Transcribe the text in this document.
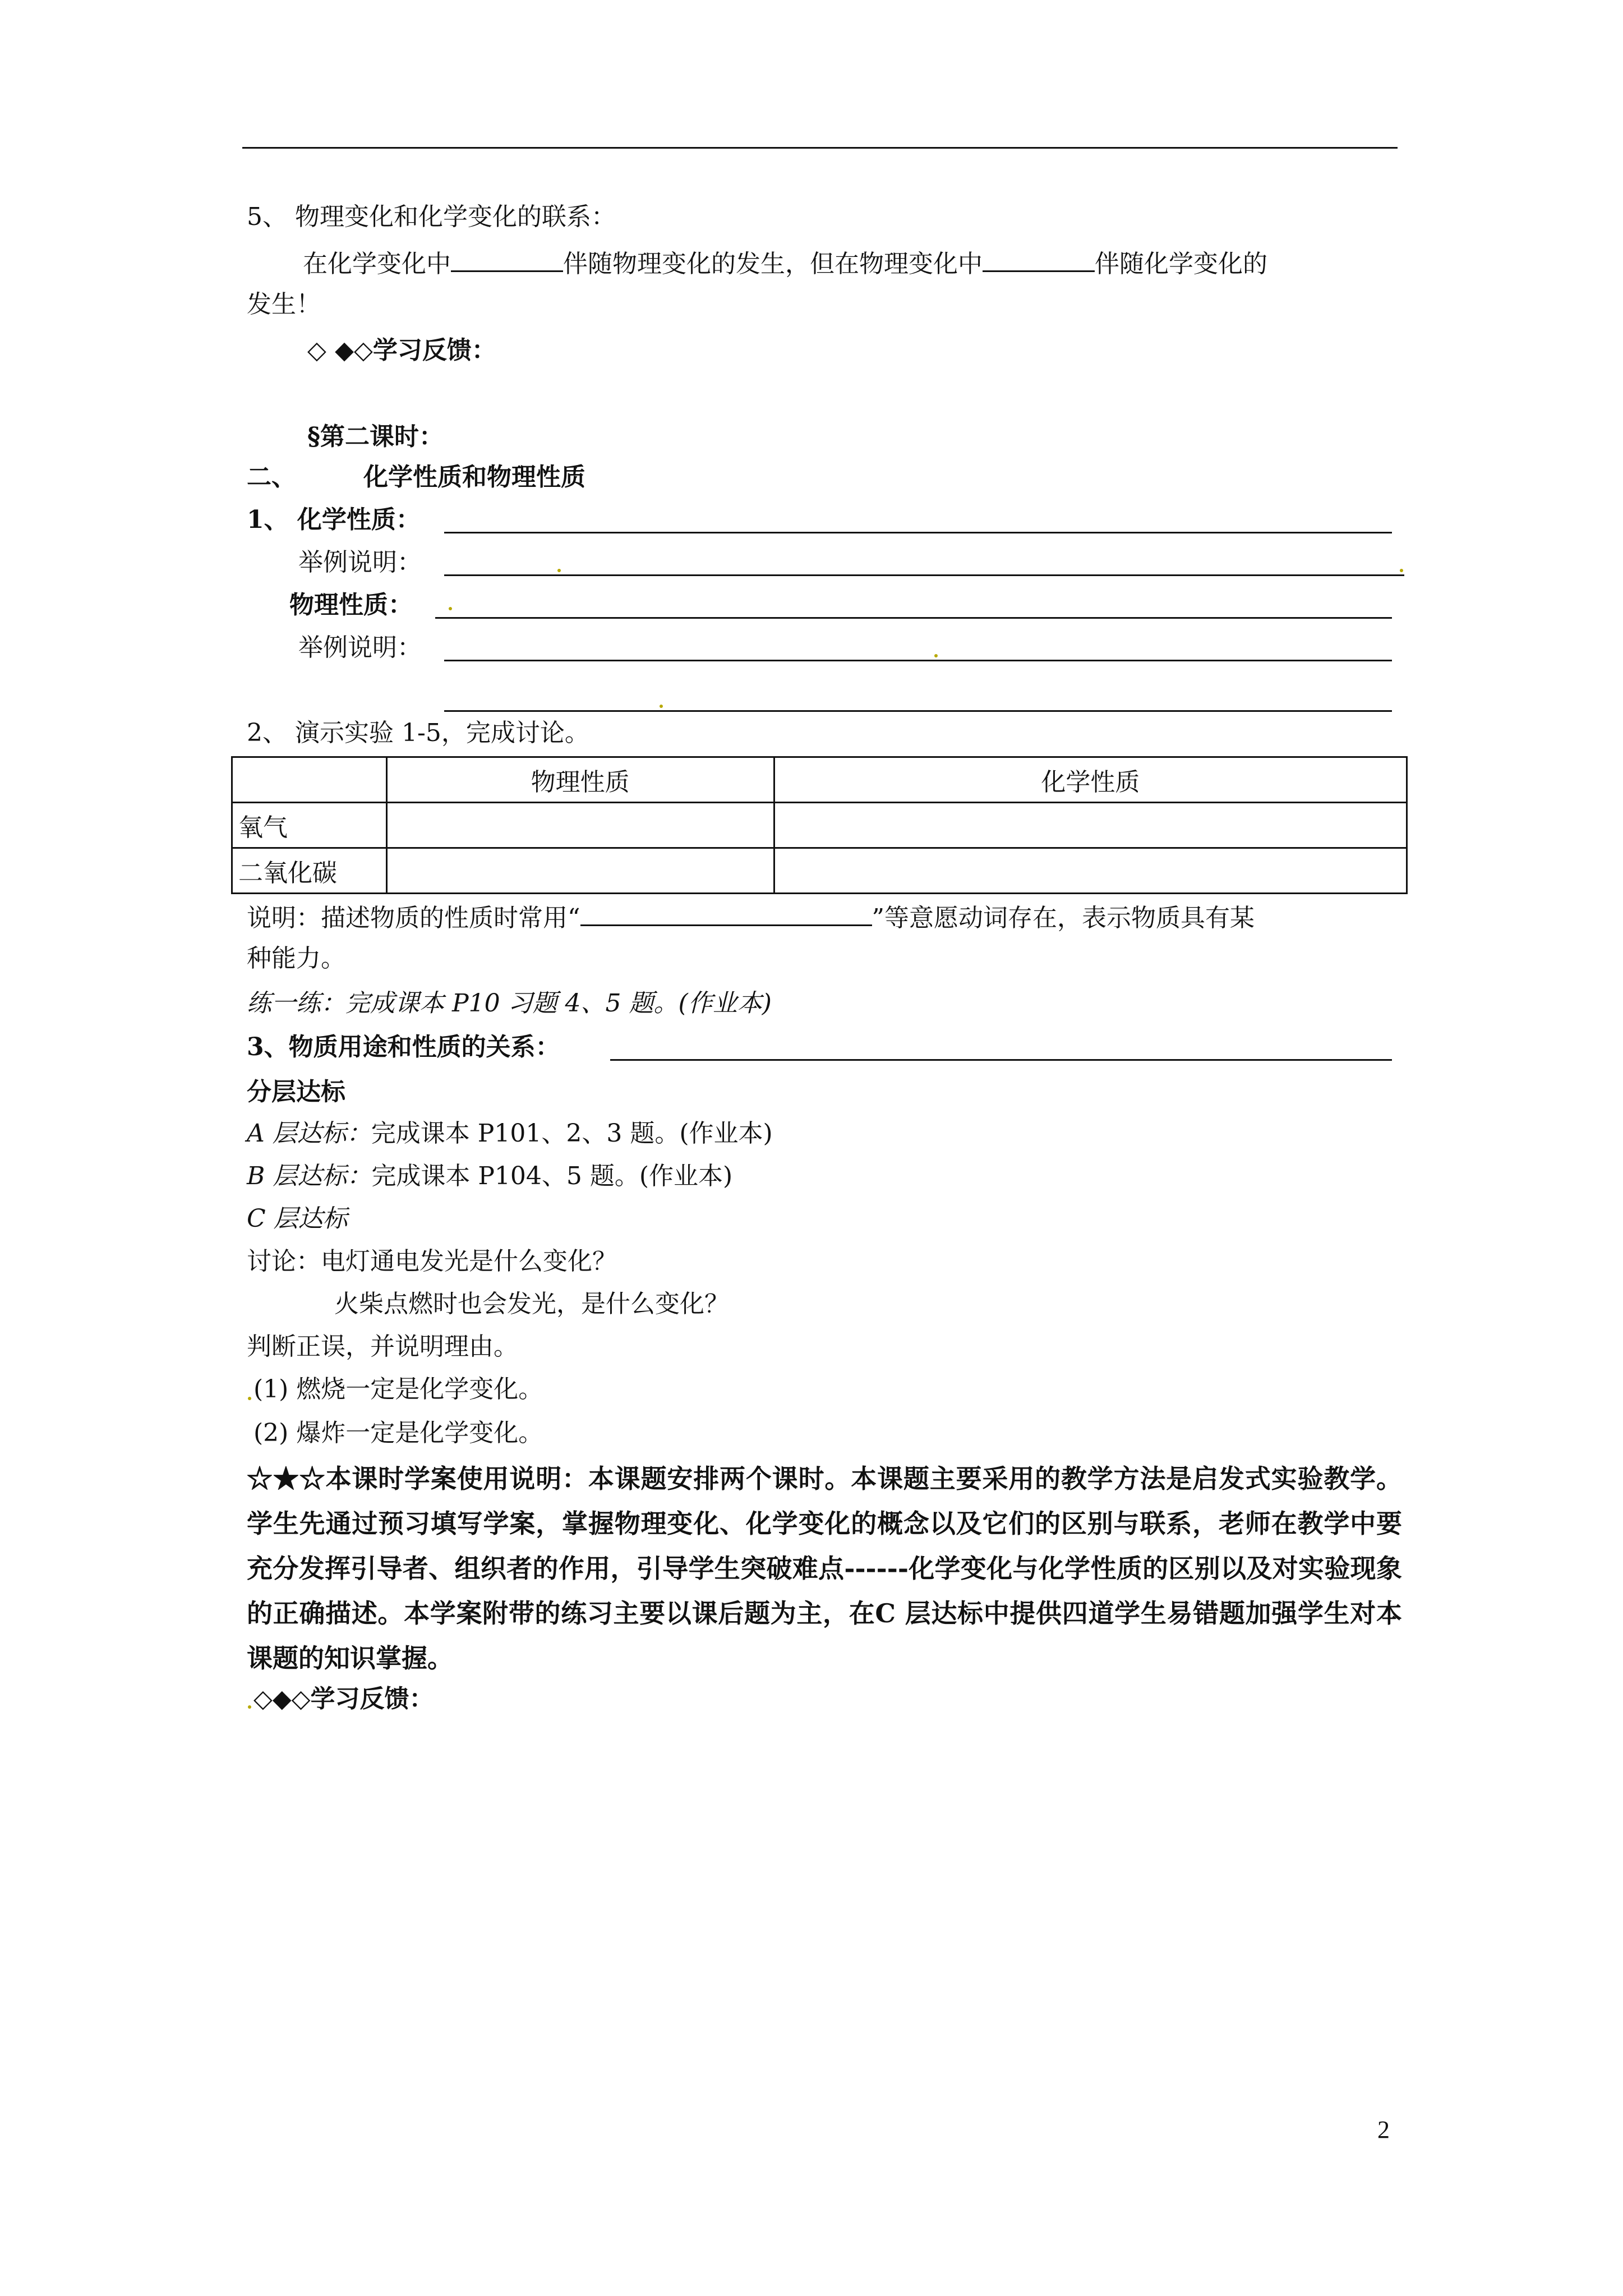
5、 物理变化和化学变化的联系：
在化学变化中	伴随物理变化的发生，但在物理变化中	伴随化学变化的
发生！
◇ ◆◇学习反馈：
§第二课时：
二、	化学性质和物理性质
1、 化学性质：
举例说明：
物理性质：
举例说明：
2、 演示实验 1-5，完成讨论。
	物理性质	化学性质
氧气		
二氧化碳		
说明：描述物质的性质时常用“	”等意愿动词存在，表示物质具有某
种能力。
练一练：完成课本 P10 习题 4、5 题。(作业本)
3、物质用途和性质的关系：
分层达标
A 层达标：完成课本 P101、2、3 题。(作业本)
B 层达标：完成课本 P104、5 题。(作业本)
C 层达标
讨论：电灯通电发光是什么变化？
火柴点燃时也会发光，是什么变化？
判断正误，并说明理由。
(1) 燃烧一定是化学变化。
(2) 爆炸一定是化学变化。
☆★☆本课时学案使用说明：本课题安排两个课时。本课题主要采用的教学方法是启发式实验教学。学生先通过预习填写学案，掌握物理变化、化学变化的概念以及它们的区别与联系，老师在教学中要充分发挥引导者、组织者的作用，引导学生突破难点------化学变化与化学性质的区别以及对实验现象的正确描述。本学案附带的练习主要以课后题为主，在C 层达标中提供四道学生易错题加强学生对本课题的知识掌握。
◇◆◇学习反馈：
2
